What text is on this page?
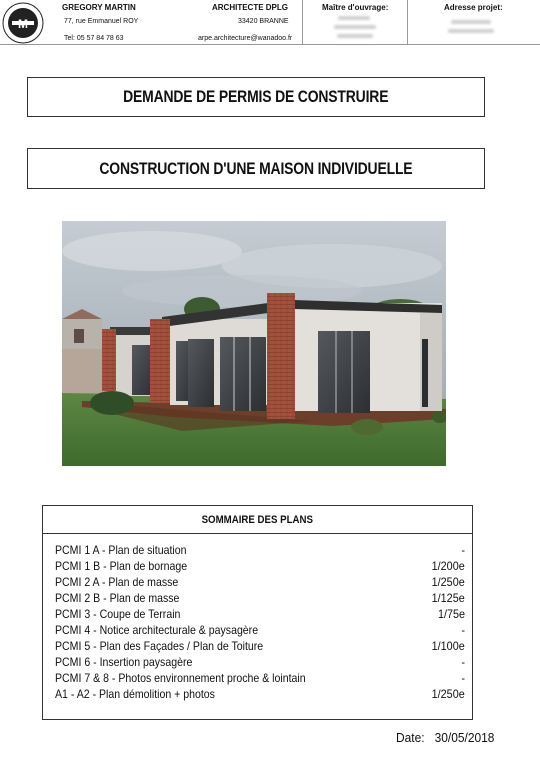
M
GREGORY MARTIN
77, rue Emmanuel ROY
Tel: 05 57 84 78 63
ARCHITECTE DPLG
33420 BRANNE
arpe.architecture@wanadoo.fr
Maître d'ouvrage:	Adresse projet:
DEMANDE DE PERMIS DE CONSTRUIRE
CONSTRUCTION D'UNE MAISON INDIVIDUELLE
SOMMAIRE DES PLANS
PCMI 1 A - Plan de situation	-
PCMI 1 B - Plan de bornage	1/200e
PCMI 2 A - Plan de masse	1/250e
PCMI 2 B - Plan de masse	1/125e
PCMI 3 - Coupe de Terrain	1/75e
PCMI 4 - Notice architecturale & paysagère	-
PCMI 5 - Plan des Façades / Plan de Toiture	1/100e
PCMI 6 - Insertion paysagère	-
PCMI 7 & 8 - Photos environnement proche & lointain	-
A1 - A2 - Plan démolition + photos	1/250e
Date: 30/05/2018
